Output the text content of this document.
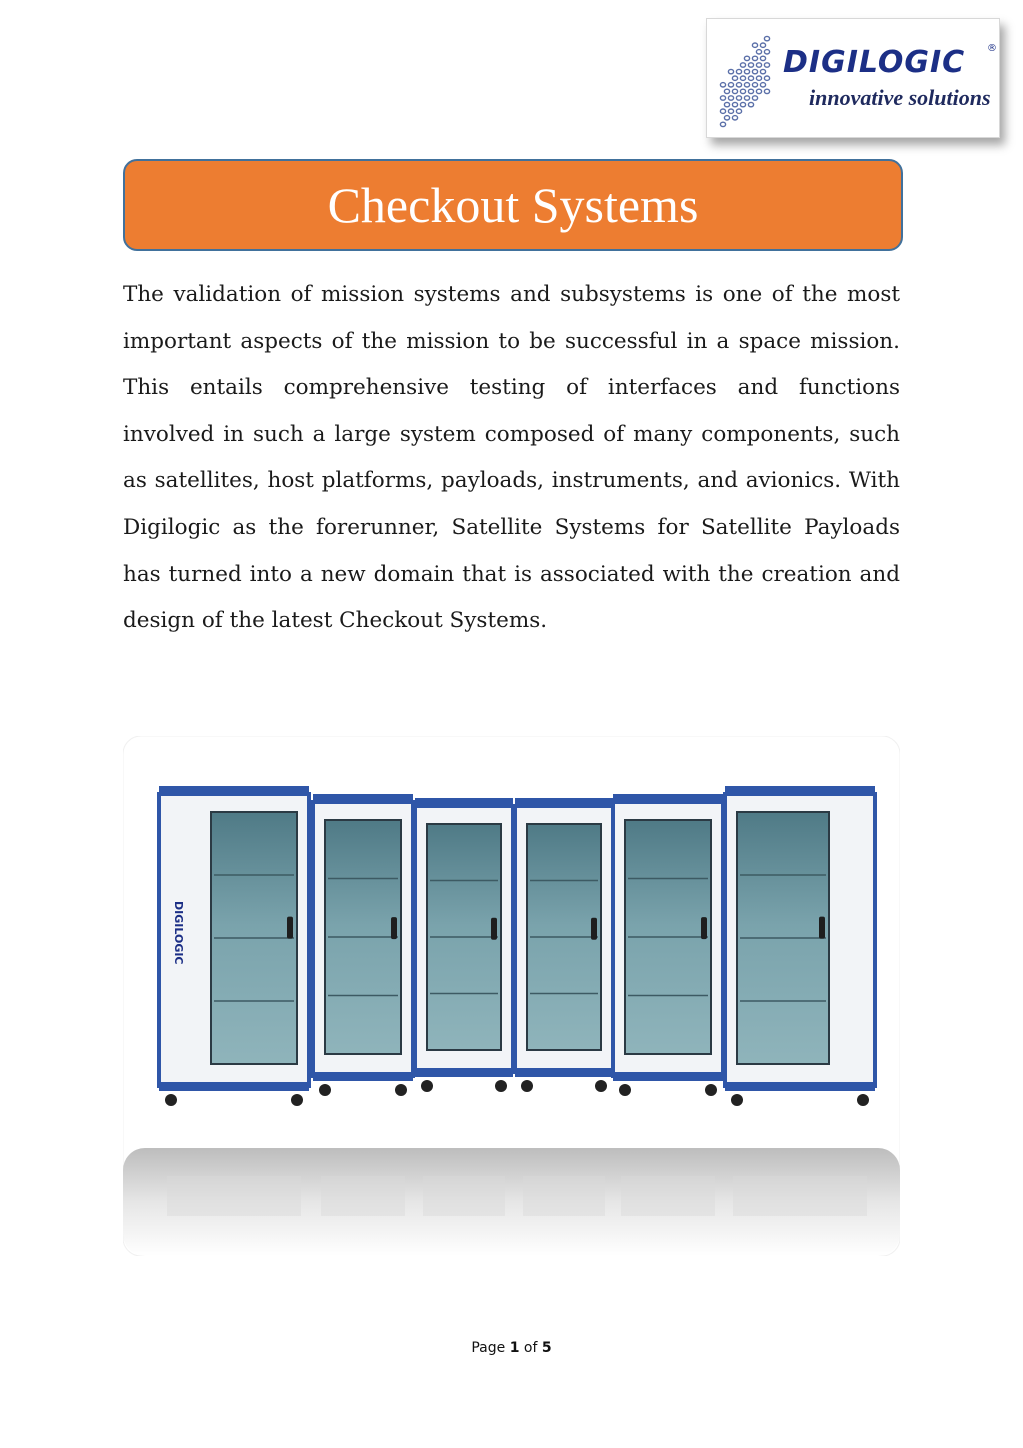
DIGILOGIC ®
innovative solutions
Checkout Systems

The validation of mission systems and subsystems is one of the most important aspects of the mission to be successful in a space mission. This entails comprehensive testing of interfaces and functions involved in such a large system composed of many components, such as satellites, host platforms, payloads, instruments, and avionics. With Digilogic as the forerunner, Satellite Systems for Satellite Payloads has turned into a new domain that is associated with the creation and design of the latest Checkout Systems.

DIGILOGIC
Page 1 of 5
